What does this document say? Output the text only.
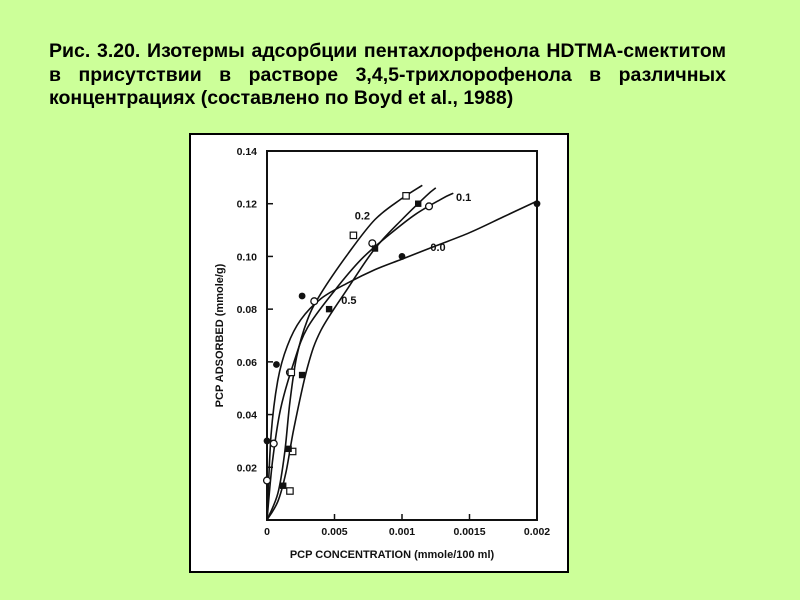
Рис. 3.20. Изотермы адсорбции пентахлорфенола HDTMA-смектитом в присутствии в растворе 3,4,5-трихлорофенола в различных концентрациях (составлено по Boyd et al., 1988)

0	0.005	0.001	0.0015	0.002
0.02
0.04
0.06
0.08
0.10
0.12
0.14
PCP CONCENTRATION (mmole/100 ml)
PCP ADSORBED (mmole/g)
0.2
0.1
0.0
0.5
